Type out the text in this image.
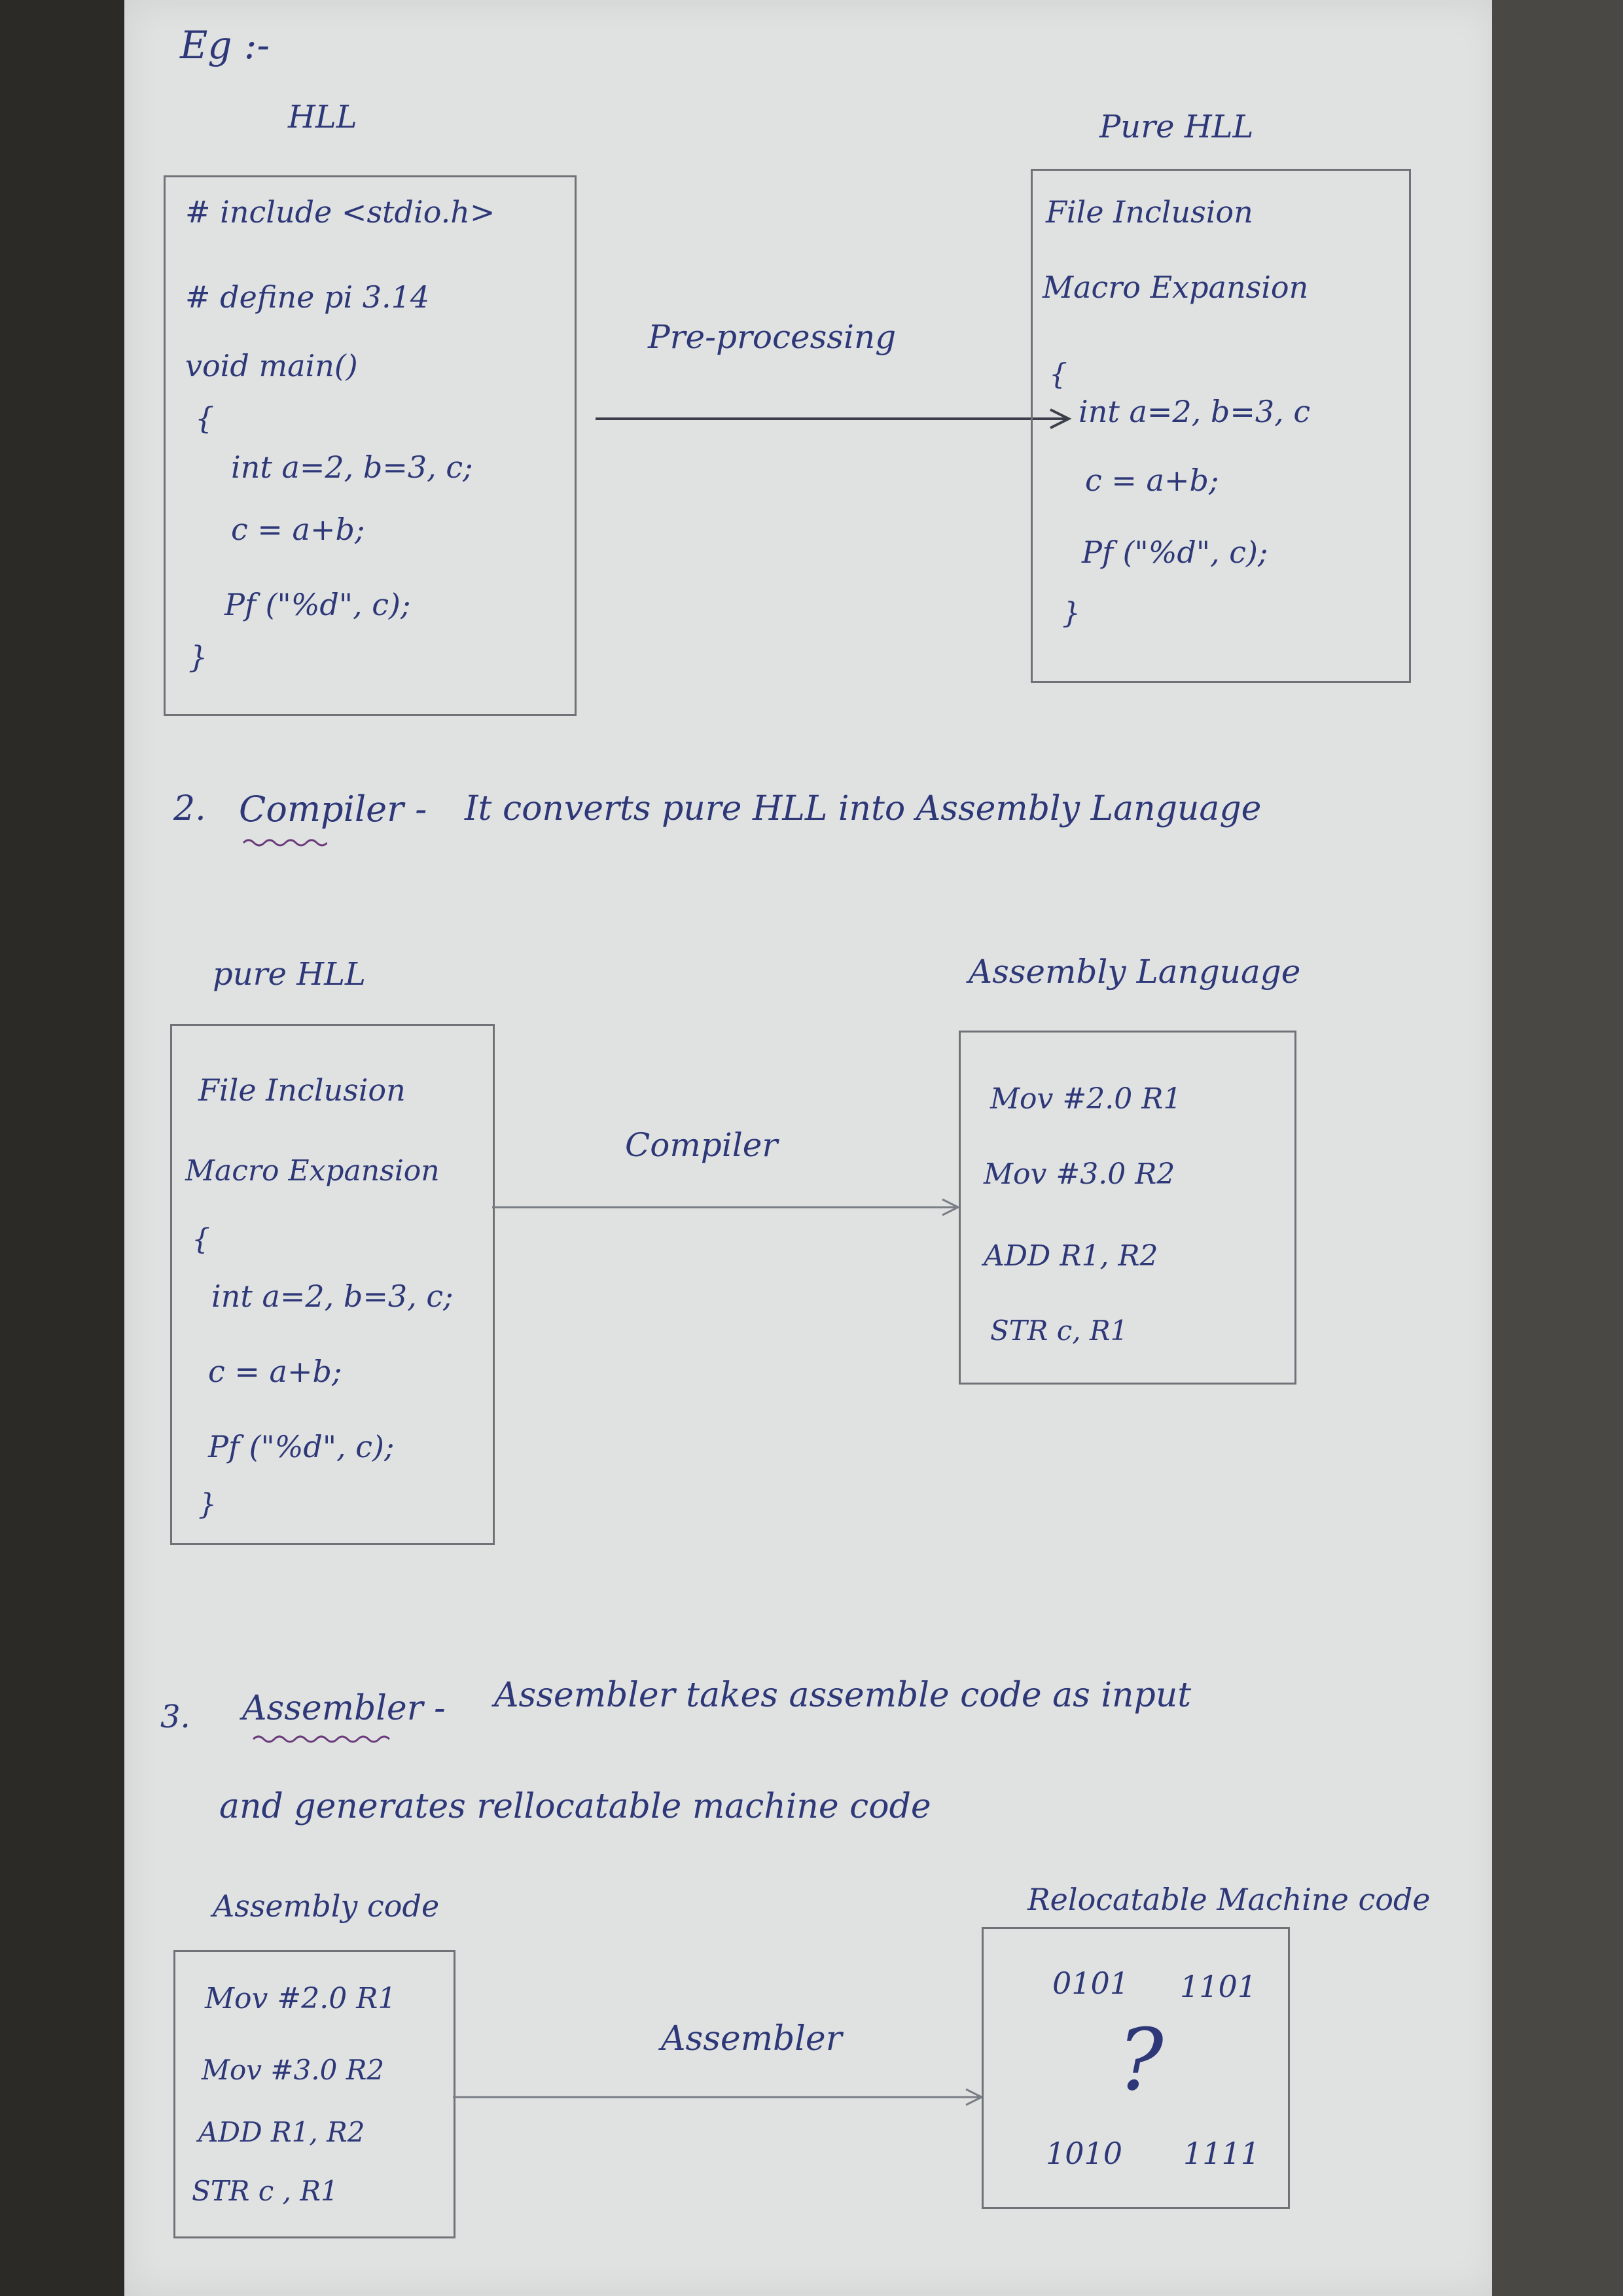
Eg :-
HLL	Pure HLL
# include <stdio.h>
# define pi 3.14
void main()
{
int a=2, b=3, c;
c = a+b;
Pf ("%d", c);
}
Pre-processing
File Inclusion
Macro Expansion
{
int a=2, b=3, c
c = a+b;
Pf ("%d", c);
}
2. Compiler - It converts pure HLL into Assembly Language
pure HLL	Assembly Language
File Inclusion
Macro Expansion
{
int a=2, b=3, c;
c = a+b;
Pf ("%d", c);
}
Compiler
Mov #2.0 R1
Mov #3.0 R2
ADD R1, R2
STR c, R1
3. Assembler - Assembler takes assemble code as input
and generates rellocatable machine code
Assembly code	Relocatable Machine code
Mov #2.0 R1
Mov #3.0 R2
ADD R1, R2
STR c , R1
Assembler
0101 1101
?
1010 1111
